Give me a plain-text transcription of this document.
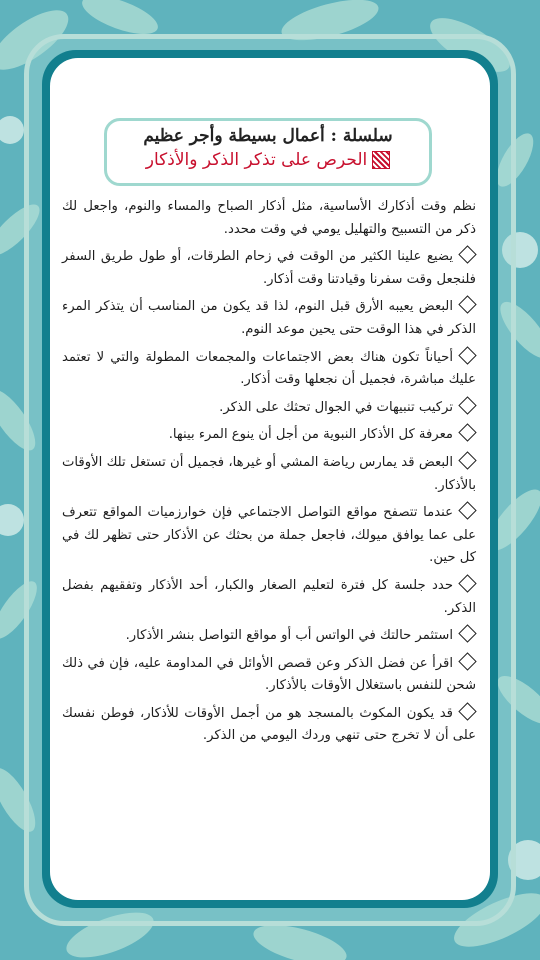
سلسلة : أعمال بسيطة وأجر عظيم
الحرص على تذكر الذكر والأذكار

نظم وقت أذكارك الأساسية، مثل أذكار الصباح والمساء والنوم، واجعل لك ذكر من التسبيح والتهليل يومي في وقت محدد.

يضيع علينا الكثير من الوقت في زحام الطرقات، أو طول طريق السفر فلنجعل وقت سفرنا وقيادتنا وقت أذكار.

البعض يعيبه الأرق قبل النوم، لذا قد يكون من المناسب أن يتذكر المرء الذكر في هذا الوقت حتى يحين موعد النوم.

أحياناً تكون هناك بعض الاجتماعات والمجمعات المطولة والتي لا تعتمد عليك مباشرة، فجميل أن نجعلها وقت أذكار.

تركيب تنبيهات في الجوال تحثك على الذكر.

معرفة كل الأذكار النبوية من أجل أن ينوع المرء بينها.

البعض قد يمارس رياضة المشي أو غيرها، فجميل أن تستغل تلك الأوقات بالأذكار.

عندما تتصفح مواقع التواصل الاجتماعي فإن خوارزميات المواقع تتعرف على عما يوافق ميولك، فاجعل جملة من بحثك عن الأذكار حتى تظهر لك في كل حين.

حدد جلسة كل فترة لتعليم الصغار والكبار، أحد الأذكار وتفقيهم بفضل الذكر.

استثمر حالتك في الواتس أب أو مواقع التواصل بنشر الأذكار.

اقرأ عن فضل الذكر وعن قصص الأوائل في المداومة عليه، فإن في ذلك شحن للنفس باستغلال الأوقات بالأذكار.

قد يكون المكوث بالمسجد هو من أجمل الأوقات للأذكار، فوطن نفسك على أن لا تخرج حتى تنهي وردك اليومي من الذكر.
